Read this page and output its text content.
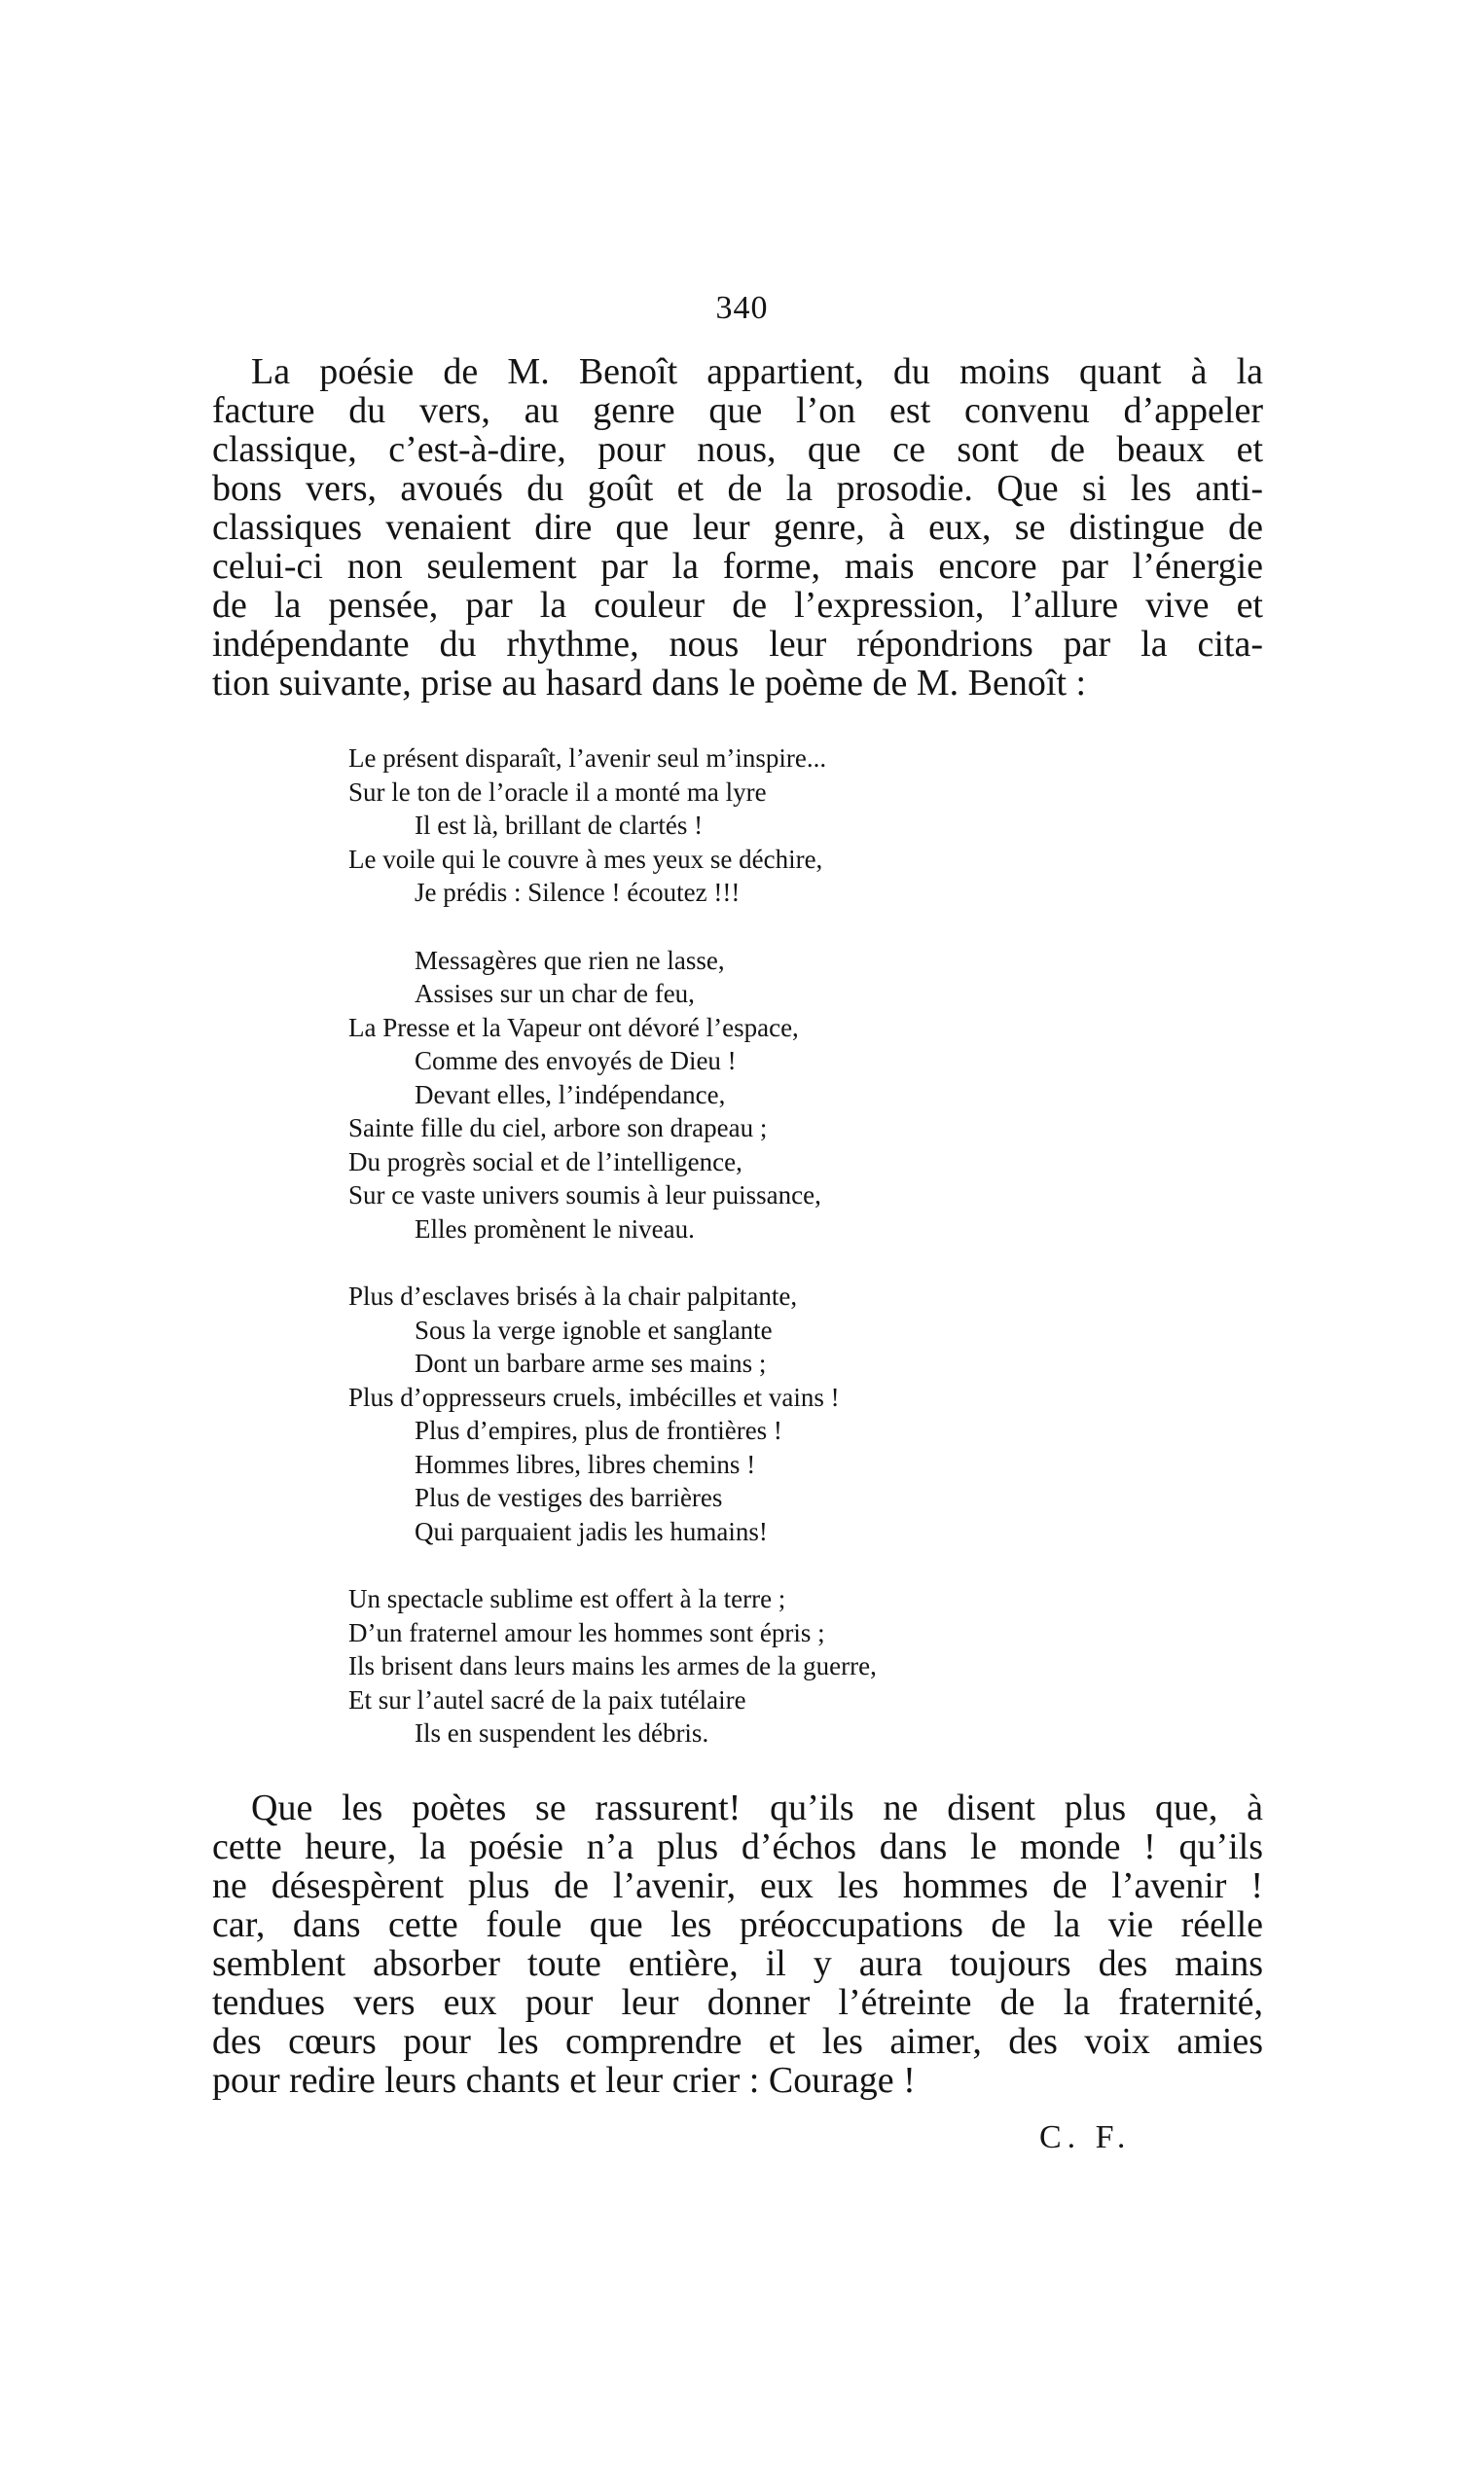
340
La poésie de M. Benoît appartient, du moins quant à la
facture du vers, au genre que l’on est convenu d’appeler
classique, c’est-à-dire, pour nous, que ce sont de beaux et
bons vers, avoués du goût et de la prosodie. Que si les anti-
classiques venaient dire que leur genre, à eux, se distingue de
celui-ci non seulement par la forme, mais encore par l’énergie
de la pensée, par la couleur de l’expression, l’allure vive et
indépendante du rhythme, nous leur répondrions par la cita-
tion suivante, prise au hasard dans le poème de M. Benoît :
Le présent disparaît, l’avenir seul m’inspire...
Sur le ton de l’oracle il a monté ma lyre
Il est là, brillant de clartés !
Le voile qui le couvre à mes yeux se déchire,
Je prédis : Silence ! écoutez !!!
Messagères que rien ne lasse,
Assises sur un char de feu,
La Presse et la Vapeur ont dévoré l’espace,
Comme des envoyés de Dieu !
Devant elles, l’indépendance,
Sainte fille du ciel, arbore son drapeau ;
Du progrès social et de l’intelligence,
Sur ce vaste univers soumis à leur puissance,
Elles promènent le niveau.
Plus d’esclaves brisés à la chair palpitante,
Sous la verge ignoble et sanglante
Dont un barbare arme ses mains ;
Plus d’oppresseurs cruels, imbécilles et vains !
Plus d’empires, plus de frontières !
Hommes libres, libres chemins !
Plus de vestiges des barrières
Qui parquaient jadis les humains!
Un spectacle sublime est offert à la terre ;
D’un fraternel amour les hommes sont épris ;
Ils brisent dans leurs mains les armes de la guerre,
Et sur l’autel sacré de la paix tutélaire
Ils en suspendent les débris.
Que les poètes se rassurent! qu’ils ne disent plus que, à
cette heure, la poésie n’a plus d’échos dans le monde ! qu’ils
ne désespèrent plus de l’avenir, eux les hommes de l’avenir !
car, dans cette foule que les préoccupations de la vie réelle
semblent absorber toute entière, il y aura toujours des mains
tendues vers eux pour leur donner l’étreinte de la fraternité,
des cœurs pour les comprendre et les aimer, des voix amies
pour redire leurs chants et leur crier : Courage !
C. F.
